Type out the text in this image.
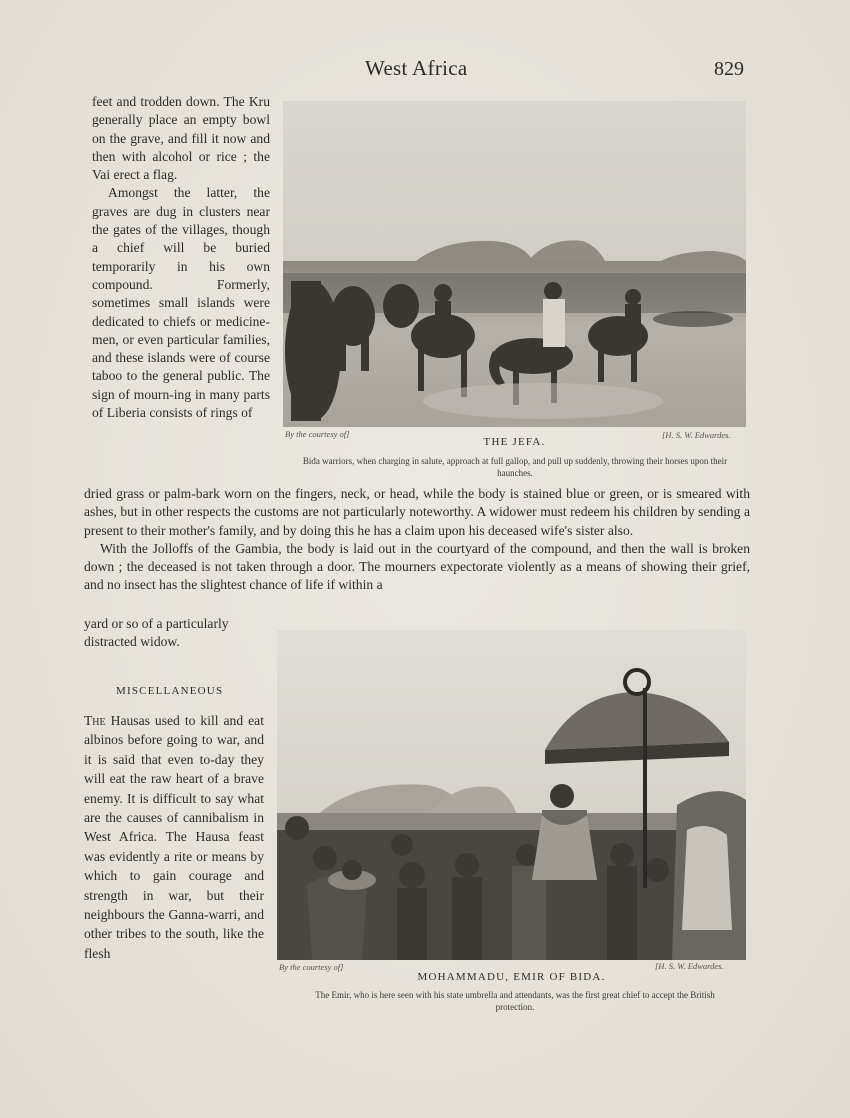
West Africa	829

feet and trodden down. The Kru generally place an empty bowl on the grave, and fill it now and then with alcohol or rice ; the Vai erect a flag.

Amongst the latter, the graves are dug in clusters near the gates of the villages, though a chief will be buried temporarily in his own compound. Formerly, sometimes small islands were dedicated to chiefs or medicine-men, or even particular families, and these islands were of course taboo to the general public. The sign of mourn-ing in many parts of Liberia consists of rings of

By the courtesy of]	[H. S. W. Edwardes.
THE JEFA.
Bida warriors, when charging in salute, approach at full gallop, and pull up suddenly, throwing their horses upon their haunches.

dried grass or palm-bark worn on the fingers, neck, or head, while the body is stained blue or green, or is smeared with ashes, but in other respects the customs are not particularly noteworthy. A widower must redeem his children by sending a present to their mother's family, and by doing this he has a claim upon his deceased wife's sister also.

With the Jolloffs of the Gambia, the body is laid out in the courtyard of the compound, and then the wall is broken down ; the deceased is not taken through a door. The mourners expectorate violently as a means of showing their grief, and no insect has the slightest chance of life if within a

yard or so of a particularly distracted widow.

MISCELLANEOUS

The Hausas used to kill and eat albinos before going to war, and it is said that even to-day they will eat the raw heart of a brave enemy. It is difficult to say what are the causes of cannibalism in West Africa. The Hausa feast was evidently a rite or means by which to gain courage and strength in war, but their neighbours the Ganna-warri, and other tribes to the south, like the flesh

By the courtesy of]	[H. S. W. Edwardes.
MOHAMMADU, EMIR OF BIDA.
The Emir, who is here seen with his state umbrella and attendants, was the first great chief to accept the British protection.
